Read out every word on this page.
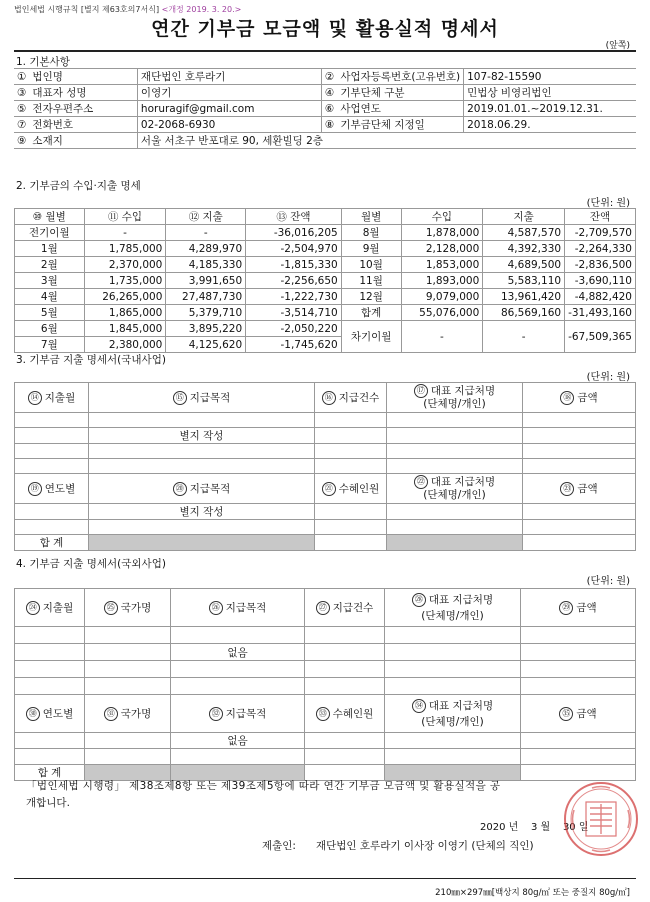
법인세법 시행규칙 [별지 제63호의7서식] <개정 2019. 3. 20.>
연간 기부금 모금액 및 활용실적 명세서
(앞쪽)
1. 기본사항
①	법인명	재단법인 호루라기	②	사업자등록번호(고유번호)	107-82-15590
③	대표자 성명	이영기	④	기부단체 구분	민법상 비영리법인
⑤	전자우편주소	horuragif@gmail.com	⑥	사업연도	2019.01.01.~2019.12.31.
⑦	전화번호	02-2068-6930	⑧	기부금단체 지정일	2018.06.29.
⑨	소재지	서울 서초구 반포대로 90, 세환빌딩 2층			
2. 기부금의 수입·지출 명세
(단위: 원)
⑩ 월별	⑪ 수입	⑫ 지출	⑬ 잔액	월별	수입	지출	잔액
전기이월	-	-	-36,016,205	8월	1,878,000	4,587,570	-2,709,570
1월	1,785,000	4,289,970	-2,504,970	9월	2,128,000	4,392,330	-2,264,330
2월	2,370,000	4,185,330	-1,815,330	10월	1,853,000	4,689,500	-2,836,500
3월	1,735,000	3,991,650	-2,256,650	11월	1,893,000	5,583,110	-3,690,110
4월	26,265,000	27,487,730	-1,222,730	12월	9,079,000	13,961,420	-4,882,420
5월	1,865,000	5,379,710	-3,514,710	합계	55,076,000	86,569,160	-31,493,160
6월	1,845,000	3,895,220	-2,050,220	차기이월	-	-	-67,509,365
7월	2,380,000	4,125,620	-1,745,620				
3. 기부금 지출 명세서(국내사업)
(단위: 원)
⑭ 지출월	⑮ 지급목적	⑯ 지급건수	⑰ 대표 지급처명
(단체명/개인)	⑱ 금액

	별지 작성			

⑲ 연도별	⑳ 지급목적	㉑ 수혜인원	㉒ 대표 지급처명
(단체명/개인)	㉓ 금액
	별지 작성			

합 계				
4. 기부금 지출 명세서(국외사업)
(단위: 원)
㉔ 지출월	㉕ 국가명	㉖ 지급목적	㉗ 지급건수	㉘ 대표 지급처명
(단체명/개인)	㉙ 금액

		없음			

㉚ 연도별	㉛ 국가명	㉜ 지급목적	㉝ 수혜인원	㉞ 대표 지급처명
(단체명/개인)	㉟ 금액
		없음			

합 계					
「법인세법 시행령」 제38조제8항 또는 제39조제5항에 따라 연간 기부금 모금액 및 활용실적을 공
개합니다.
2020 년 3 월 30 일
제출인: 재단법인 호루라기 이사장 이영기 (단체의 직인)
210㎜×297㎜[백상지 80g/㎡ 또는 중질지 80g/㎡]
